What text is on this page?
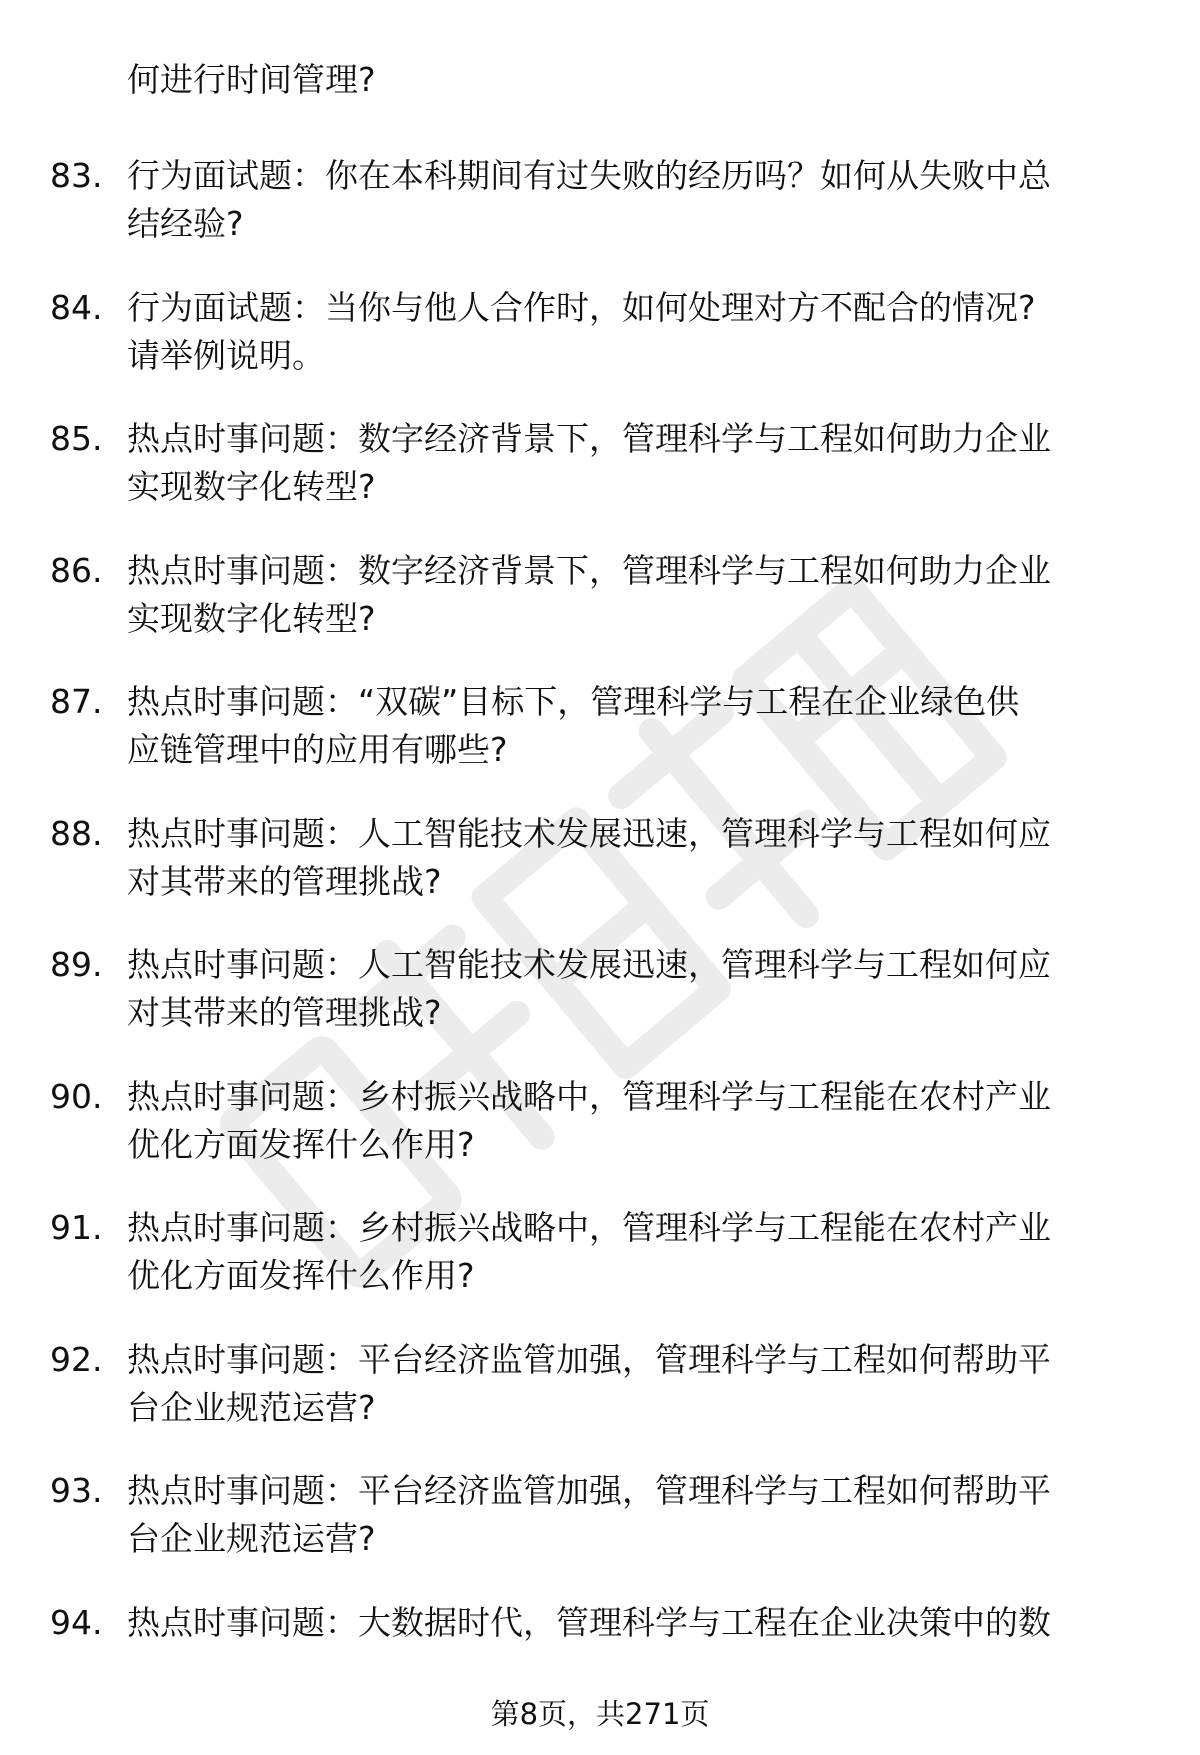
何进行时间管理?
83. 行为面试题：你在本科期间有过失败的经历吗？如何从失败中总
结经验?
84. 行为面试题：当你与他人合作时，如何处理对方不配合的情况?
请举例说明。
85. 热点时事问题：数字经济背景下，管理科学与工程如何助力企业
实现数字化转型?
86. 热点时事问题：数字经济背景下，管理科学与工程如何助力企业
实现数字化转型?
87. 热点时事问题：“双碳”目标下，管理科学与工程在企业绿色供
应链管理中的应用有哪些?
88. 热点时事问题：人工智能技术发展迅速，管理科学与工程如何应
对其带来的管理挑战?
89. 热点时事问题：人工智能技术发展迅速，管理科学与工程如何应
对其带来的管理挑战?
90. 热点时事问题：乡村振兴战略中，管理科学与工程能在农村产业
优化方面发挥什么作用?
91. 热点时事问题：乡村振兴战略中，管理科学与工程能在农村产业
优化方面发挥什么作用?
92. 热点时事问题：平台经济监管加强，管理科学与工程如何帮助平
台企业规范运营?
93. 热点时事问题：平台经济监管加强，管理科学与工程如何帮助平
台企业规范运营?
94. 热点时事问题：大数据时代，管理科学与工程在企业决策中的数
第8页，共271页
